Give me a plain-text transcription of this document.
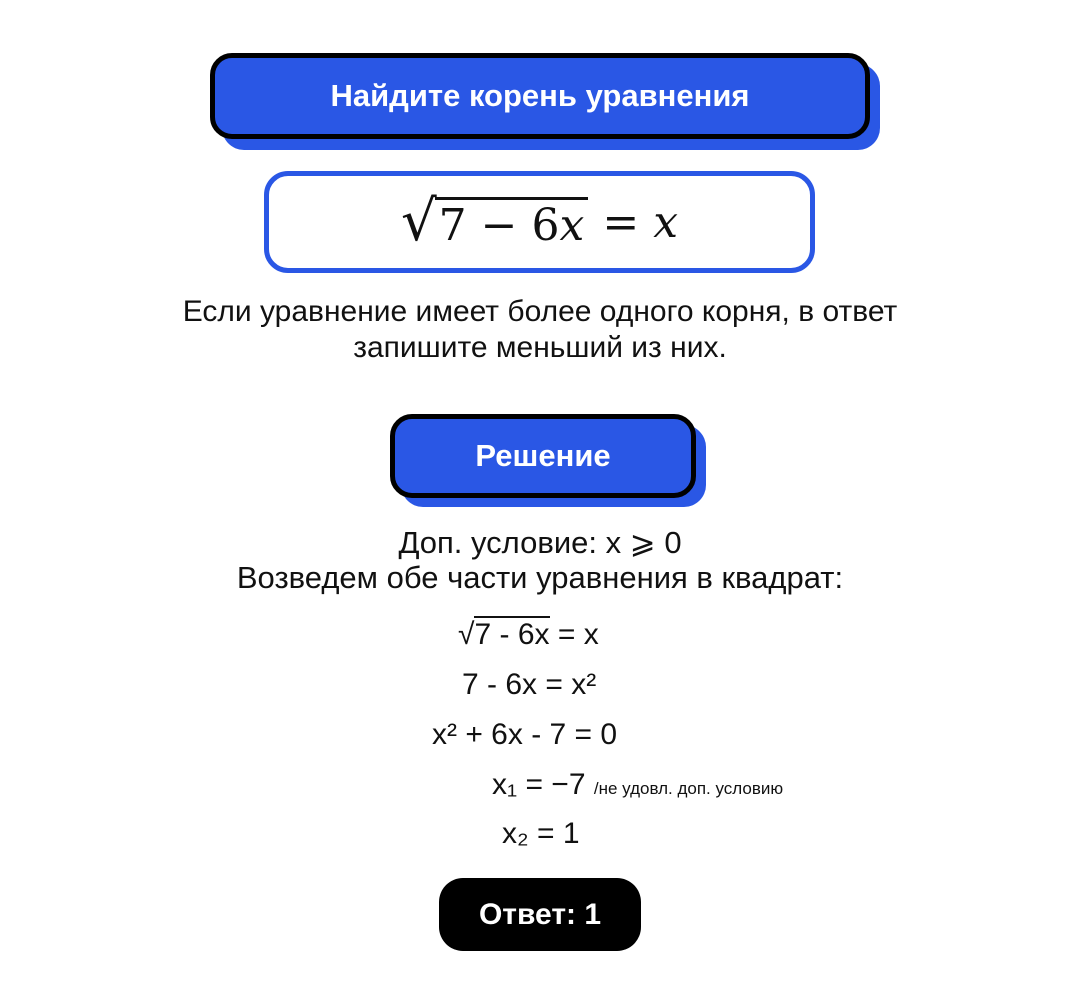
Найдите корень уравнения
√ 7 − 6x = x
Если уравнение имеет более одного корня, в ответ
запишите меньший из них.
Решение
Доп. условие: x ⩾ 0
Возведем обе части уравнения в квадрат:
√7 - 6x = x
7 - 6x = x²
x² + 6x - 7 = 0
x₁ = −7 /не удовл. доп. условию
x₂ = 1
Ответ: 1
